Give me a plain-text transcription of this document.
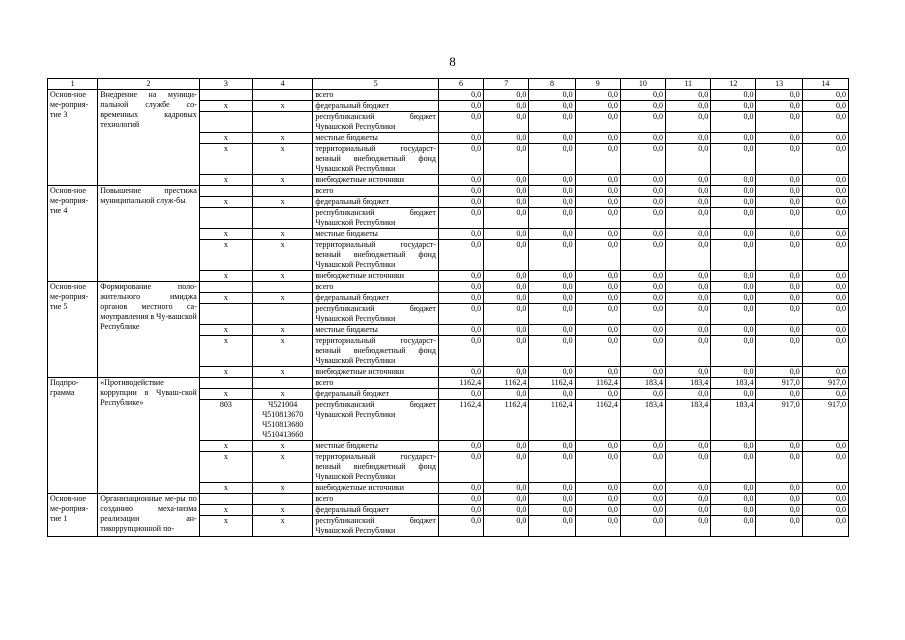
8
1	2	3	4	5	6	7	8	9	10	11	12	13	14
Основ-ное ме-роприя-тие 3	Внедрение на муници-пальной службе со-временных кадровых технологий			всего	0,0	0,0	0,0	0,0	0,0	0,0	0,0	0,0	0,0
		x	x	федеральный бюджет	0,0	0,0	0,0	0,0	0,0	0,0	0,0	0,0	0,0
				республиканский бюджет Чувашской Республики	0,0	0,0	0,0	0,0	0,0	0,0	0,0	0,0	0,0
		x	x	местные бюджеты	0,0	0,0	0,0	0,0	0,0	0,0	0,0	0,0	0,0
		x	x	территориальный государст-венный внебюджетный фонд Чувашской Республики	0,0	0,0	0,0	0,0	0,0	0,0	0,0	0,0	0,0
		x	x	внебюджетные источники	0,0	0,0	0,0	0,0	0,0	0,0	0,0	0,0	0,0
Основ-ное ме-роприя-тие 4	Повышение престижа муниципальной служ-бы			всего	0,0	0,0	0,0	0,0	0,0	0,0	0,0	0,0	0,0
		x	x	федеральный бюджет	0,0	0,0	0,0	0,0	0,0	0,0	0,0	0,0	0,0
				республиканский бюджет Чувашской Республики	0,0	0,0	0,0	0,0	0,0	0,0	0,0	0,0	0,0
		x	x	местные бюджеты	0,0	0,0	0,0	0,0	0,0	0,0	0,0	0,0	0,0
		x	x	территориальный государст-венный внебюджетный фонд Чувашской Республики	0,0	0,0	0,0	0,0	0,0	0,0	0,0	0,0	0,0
		x	x	внебюджетные источники	0,0	0,0	0,0	0,0	0,0	0,0	0,0	0,0	0,0
Основ-ное ме-роприя-тие 5	Формирование поло-жительного имиджа органов местного са-моуправления в Чу-вашской Республике			всего	0,0	0,0	0,0	0,0	0,0	0,0	0,0	0,0	0,0
		x	x	федеральный бюджет	0,0	0,0	0,0	0,0	0,0	0,0	0,0	0,0	0,0
				республиканский бюджет Чувашской Республики	0,0	0,0	0,0	0,0	0,0	0,0	0,0	0,0	0,0
		x	x	местные бюджеты	0,0	0,0	0,0	0,0	0,0	0,0	0,0	0,0	0,0
		x	x	территориальный государст-венный внебюджетный фонд Чувашской Республики	0,0	0,0	0,0	0,0	0,0	0,0	0,0	0,0	0,0
		x	x	внебюджетные источники	0,0	0,0	0,0	0,0	0,0	0,0	0,0	0,0	0,0
Подпро-грамма	«Противодействие коррупции в Чуваш-ской Республике»			всего	1162,4	1162,4	1162,4	1162,4	183,4	183,4	183,4	917,0	917,0
		x	x	федеральный бюджет	0,0	0,0	0,0	0,0	0,0	0,0	0,0	0,0	0,0
		803	Ч521004 Ч510813670 Ч510813680 Ч510413660	республиканский бюджет Чувашской Республики	1162,4	1162,4	1162,4	1162,4	183,4	183,4	183,4	917,0	917,0
		x	x	местные бюджеты	0,0	0,0	0,0	0,0	0,0	0,0	0,0	0,0	0,0
		x	x	территориальный государст-венный внебюджетный фонд Чувашской Республики	0,0	0,0	0,0	0,0	0,0	0,0	0,0	0,0	0,0
		x	x	внебюджетные источники	0,0	0,0	0,0	0,0	0,0	0,0	0,0	0,0	0,0
Основ-ное ме-роприя-тие 1	Организационные ме-ры по созданию меха-низма реализации ан-тикоррупционной по-			всего	0,0	0,0	0,0	0,0	0,0	0,0	0,0	0,0	0,0
		x	x	федеральный бюджет	0,0	0,0	0,0	0,0	0,0	0,0	0,0	0,0	0,0
		x	x	республиканский бюджет Чувашской Республики	0,0	0,0	0,0	0,0	0,0	0,0	0,0	0,0	0,0
